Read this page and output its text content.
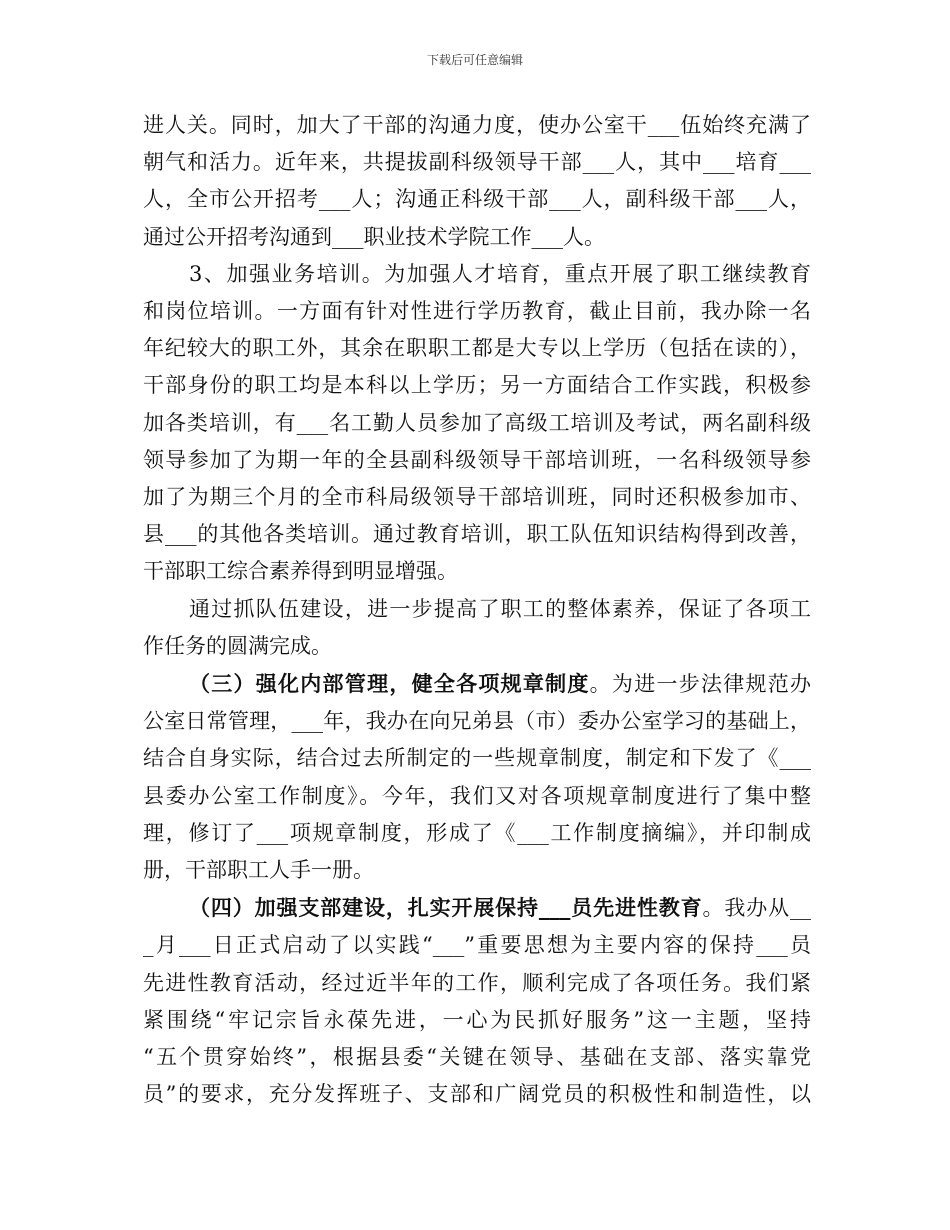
下载后可任意编辑

进人关。同时，加大了干部的沟通力度，使办公室干___伍始终充满了
朝气和活力。近年来，共提拔副科级领导干部___人，其中___培育___
人，全市公开招考___人；沟通正科级干部___人，副科级干部___人，
通过公开招考沟通到___职业技术学院工作___人。

3、加强业务培训。为加强人才培育，重点开展了职工继续教育
和岗位培训。一方面有针对性进行学历教育，截止目前，我办除一名
年纪较大的职工外，其余在职职工都是大专以上学历（包括在读的），
干部身份的职工均是本科以上学历；另一方面结合工作实践，积极参
加各类培训，有___名工勤人员参加了高级工培训及考试，两名副科级
领导参加了为期一年的全县副科级领导干部培训班，一名科级领导参
加了为期三个月的全市科局级领导干部培训班，同时还积极参加市、
县___的其他各类培训。通过教育培训，职工队伍知识结构得到改善，
干部职工综合素养得到明显增强。

通过抓队伍建设，进一步提高了职工的整体素养，保证了各项工
作任务的圆满完成。

（三）强化内部管理，健全各项规章制度。为进一步法律规范办
公室日常管理，___年，我办在向兄弟县（市）委办公室学习的基础上，
结合自身实际，结合过去所制定的一些规章制度，制定和下发了《___
县委办公室工作制度》。今年，我们又对各项规章制度进行了集中整
理，修订了___项规章制度，形成了《___工作制度摘编》，并印制成
册，干部职工人手一册。

（四）加强支部建设，扎实开展保持___员先进性教育。我办从__
_月___日正式启动了以实践“___”重要思想为主要内容的保持___员
先进性教育活动，经过近半年的工作，顺利完成了各项任务。我们紧
紧围绕“牢记宗旨永葆先进，一心为民抓好服务”这一主题，坚持
“五个贯穿始终”，根据县委“关键在领导、基础在支部、落实靠党
员”的要求，充分发挥班子、支部和广阔党员的积极性和制造性，以
